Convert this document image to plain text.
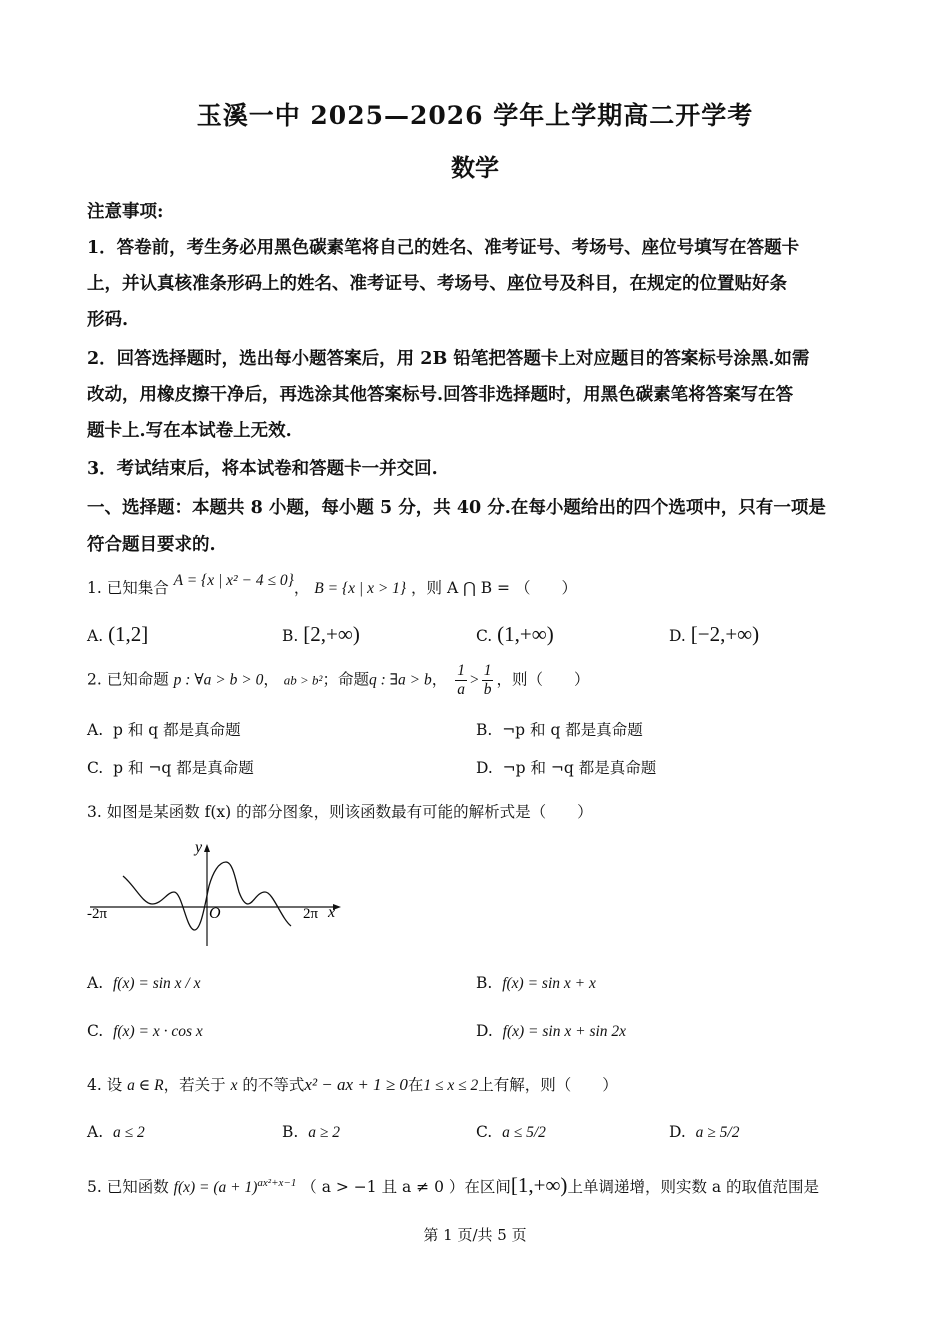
玉溪一中 2025—2026 学年上学期高二开学考
数学
注意事项:
1．答卷前，考生务必用黑色碳素笔将自己的姓名、准考证号、考场号、座位号填写在答题卡
上，并认真核准条形码上的姓名、准考证号、考场号、座位号及科目，在规定的位置贴好条
形码.
2．回答选择题时，选出每小题答案后，用 2B 铅笔把答题卡上对应题目的答案标号涂黑.如需
改动，用橡皮擦干净后，再选涂其他答案标号.回答非选择题时，用黑色碳素笔将答案写在答
题卡上.写在本试卷上无效.
3．考试结束后，将本试卷和答题卡一并交回.
一、选择题：本题共 8 小题，每小题 5 分，共 40 分.在每小题给出的四个选项中，只有一项是
符合题目要求的.
1. 已知集合 A = {x | x² − 4 ≤ 0}， B = {x | x > 1} ，则 A ⋂ B = （　　）
A. (1,2]	B. [2,+∞)	C. (1,+∞)	D. [−2,+∞)
2. 已知命题 p : ∀a > b > 0， ab > b²；命题q : ∃a > b， $\frac{1}{a} > \frac{1}{b}$ ，则（　　）
A. p 和 q 都是真命题	B. ¬p 和 q 都是真命题
C. p 和 ¬q 都是真命题	D. ¬p 和 ¬q 都是真命题
3. 如图是某函数 f(x) 的部分图象，则该函数最有可能的解析式是（　　）
y
x
O
-2π	2π
A. f(x) = sin x / x	B. f(x) = sin x + x
C. f(x) = x · cos x	D. f(x) = sin x + sin 2x
4. 设 a ∈ R，若关于 x 的不等式x² − ax + 1 ≥ 0在1 ≤ x ≤ 2上有解，则（　　）
A. a ≤ 2	B. a ≥ 2	C. a ≤ 5/2	D. a ≥ 5/2
5. 已知函数 $f(x) = (a + 1)^{ax^2+x-1}$ （ a > −1 且 a ≠ 0 ）在区间[1,+∞)上单调递增，则实数 a 的取值范围是
第 1 页/共 5 页
